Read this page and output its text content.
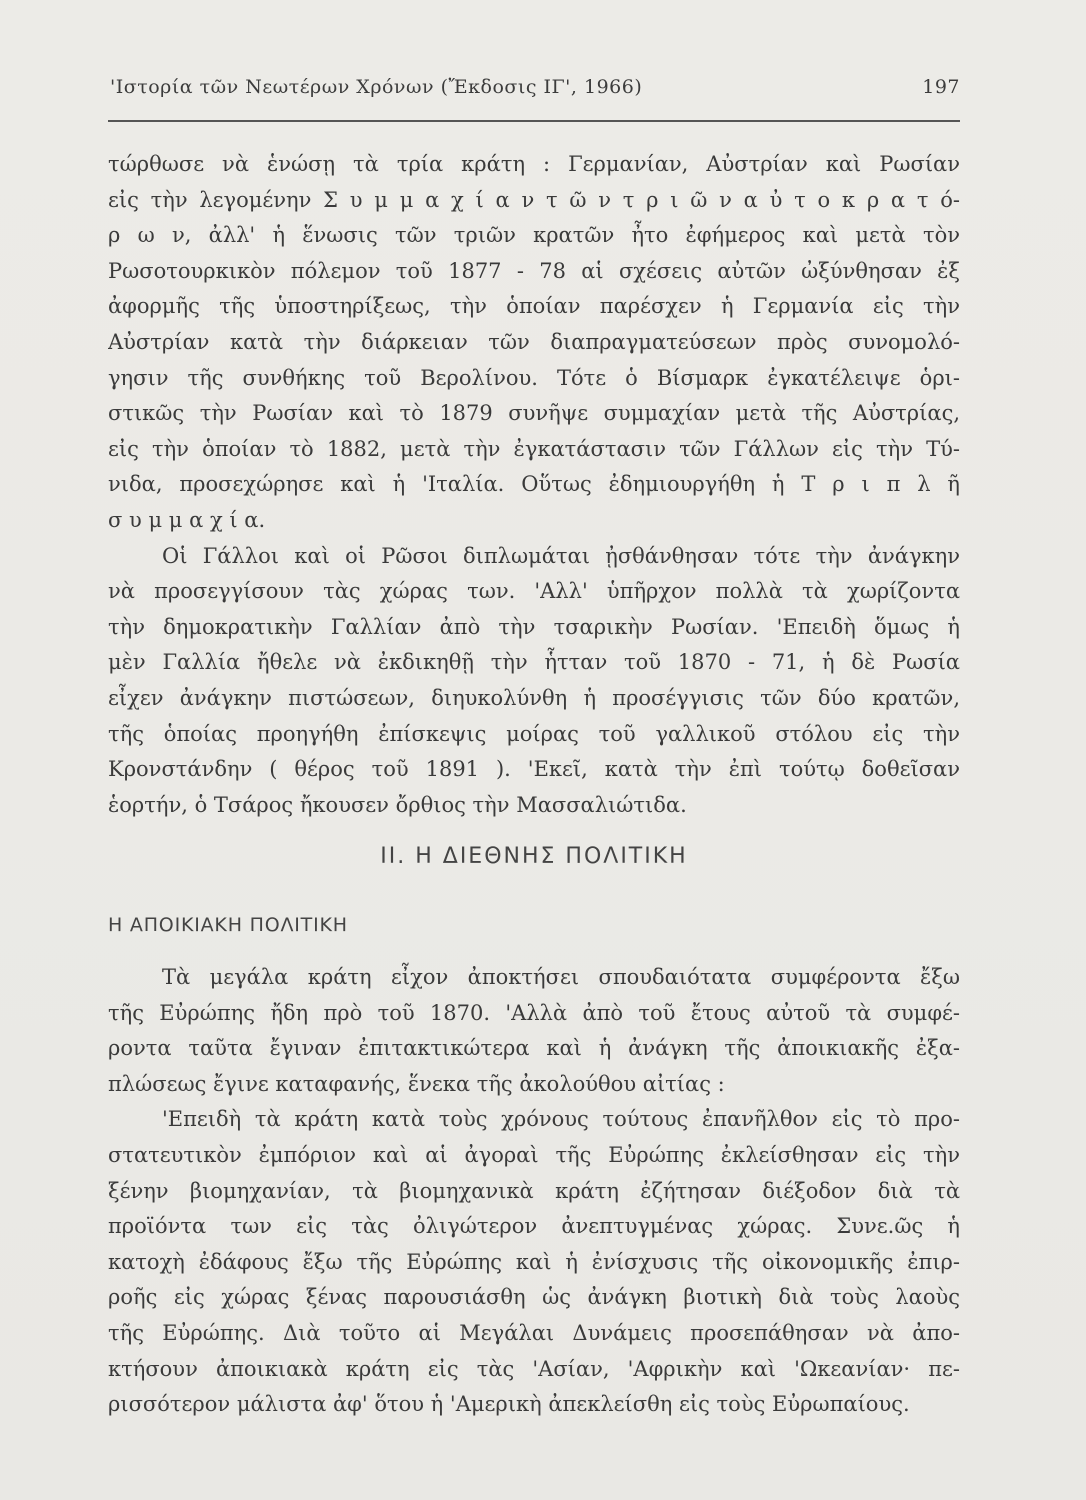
'Ιστορία τῶν Νεωτέρων Χρόνων (Ἔκδοσις ΙΓ', 1966)	197
τώρθωσε νὰ ἑνώσῃ τὰ τρία κράτη : Γερμανίαν, Αὐστρίαν καὶ Ρωσίαν
εἰς τὴν λεγομένην Σ υ μ μ α χ ί α ν τ ῶ ν τ ρ ι ῶ ν α ὐ τ ο κ ρ α τ ό-
ρ ω ν, ἀλλ' ἡ ἕνωσις τῶν τριῶν κρατῶν ἦτο ἐφήμερος καὶ μετὰ τὸν
Ρωσοτουρκικὸν πόλεμον τοῦ 1877 - 78 αἱ σχέσεις αὐτῶν ὠξύνθησαν ἐξ
ἀφορμῆς τῆς ὑποστηρίξεως, τὴν ὁποίαν παρέσχεν ἡ Γερμανία εἰς τὴν
Αὐστρίαν κατὰ τὴν διάρκειαν τῶν διαπραγματεύσεων πρὸς συνομολό-
γησιν τῆς συνθήκης τοῦ Βερολίνου. Τότε ὁ Βίσμαρκ ἐγκατέλειψε ὁρι-
στικῶς τὴν Ρωσίαν καὶ τὸ 1879 συνῆψε συμμαχίαν μετὰ τῆς Αὐστρίας,
εἰς τὴν ὁποίαν τὸ 1882, μετὰ τὴν ἐγκατάστασιν τῶν Γάλλων εἰς τὴν Τύ-
νιδα, προσεχώρησε καὶ ἡ 'Ιταλία. Οὕτως ἐδημιουργήθη ἡ Τ ρ ι π λ ῆ
σ υ μ μ α χ ί α.
Οἱ Γάλλοι καὶ οἱ Ρῶσοι διπλωμάται ᾐσθάνθησαν τότε τὴν ἀνάγκην
νὰ προσεγγίσουν τὰς χώρας των. 'Αλλ' ὑπῆρχον πολλὰ τὰ χωρίζοντα
τὴν δημοκρατικὴν Γαλλίαν ἀπὸ τὴν τσαρικὴν Ρωσίαν. 'Επειδὴ ὅμως ἡ
μὲν Γαλλία ἤθελε νὰ ἐκδικηθῇ τὴν ἧτταν τοῦ 1870 - 71, ἡ δὲ Ρωσία
εἶχεν ἀνάγκην πιστώσεων, διηυκολύνθη ἡ προσέγγισις τῶν δύο κρατῶν,
τῆς ὁποίας προηγήθη ἐπίσκεψις μοίρας τοῦ γαλλικοῦ στόλου εἰς τὴν
Κρονστάνδην ( θέρος τοῦ 1891 ). 'Εκεῖ, κατὰ τὴν ἐπὶ τούτῳ δοθεῖσαν
ἑορτήν, ὁ Τσάρος ἤκουσεν ὄρθιος τὴν Μασσαλιώτιδα.
ΙΙ. Η ΔΙΕΘΝΗΣ ΠΟΛΙΤΙΚΗ
Η ΑΠΟΙΚΙΑΚΗ ΠΟΛΙΤΙΚΗ
Τὰ μεγάλα κράτη εἶχον ἀποκτήσει σπουδαιότατα συμφέροντα ἔξω
τῆς Εὐρώπης ἤδη πρὸ τοῦ 1870. 'Αλλὰ ἀπὸ τοῦ ἔτους αὐτοῦ τὰ συμφέ-
ροντα ταῦτα ἔγιναν ἐπιτακτικώτερα καὶ ἡ ἀνάγκη τῆς ἀποικιακῆς ἐξα-
πλώσεως ἔγινε καταφανής, ἕνεκα τῆς ἀκολούθου αἰτίας :
'Επειδὴ τὰ κράτη κατὰ τοὺς χρόνους τούτους ἐπανῆλθον εἰς τὸ προ-
στατευτικὸν ἐμπόριον καὶ αἱ ἀγοραὶ τῆς Εὐρώπης ἐκλείσθησαν εἰς τὴν
ξένην βιομηχανίαν, τὰ βιομηχανικὰ κράτη ἐζήτησαν διέξοδον διὰ τὰ
προϊόντα των εἰς τὰς ὀλιγώτερον ἀνεπτυγμένας χώρας. Συνε.ῶς ἡ
κατοχὴ ἐδάφους ἔξω τῆς Εὐρώπης καὶ ἡ ἐνίσχυσις τῆς οἰκονομικῆς ἐπιρ-
ροῆς εἰς χώρας ξένας παρουσιάσθη ὡς ἀνάγκη βιοτικὴ διὰ τοὺς λαοὺς
τῆς Εὐρώπης. Διὰ τοῦτο αἱ Μεγάλαι Δυνάμεις προσεπάθησαν νὰ ἀπο-
κτήσουν ἀποικιακὰ κράτη εἰς τὰς 'Ασίαν, 'Αφρικὴν καὶ 'Ωκεανίαν· πε-
ρισσότερον μάλιστα ἀφ' ὅτου ἡ 'Αμερικὴ ἀπεκλείσθη εἰς τοὺς Εὐρωπαίους.
